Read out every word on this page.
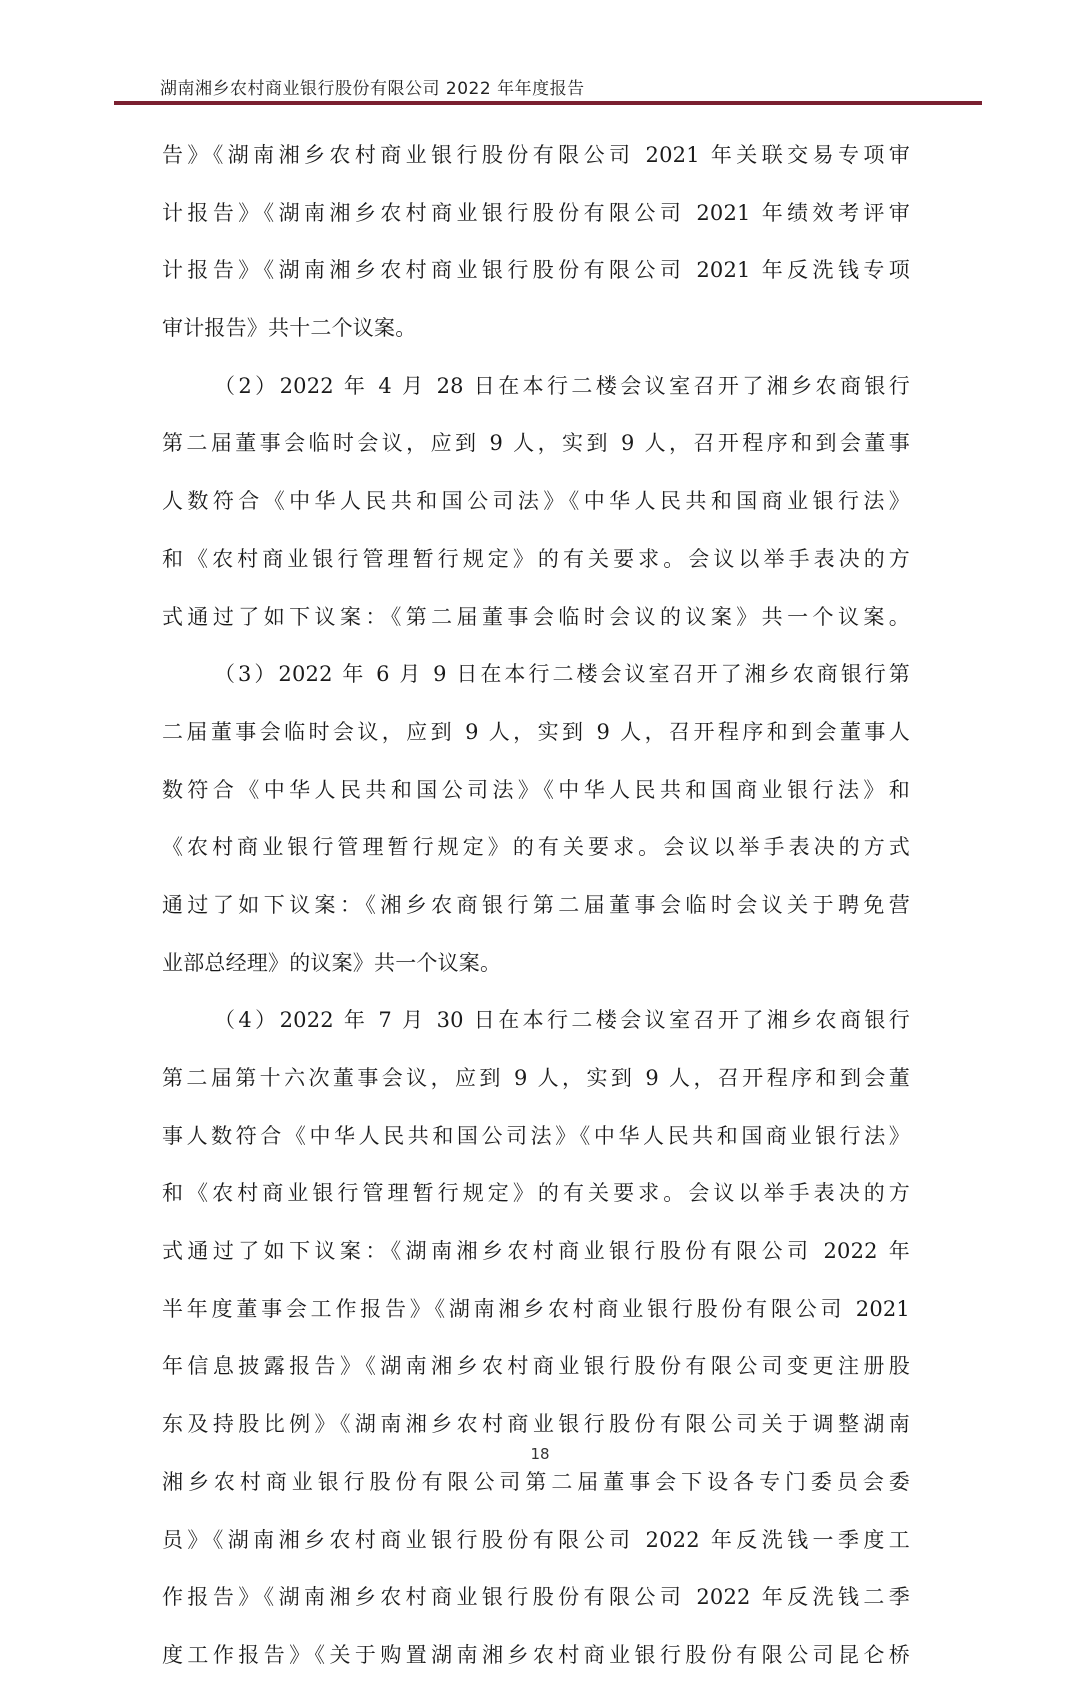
湖南湘乡农村商业银行股份有限公司 2022 年年度报告
告》《湖南湘乡农村商业银行股份有限公司 2021 年关联交易专项审
计报告》《湖南湘乡农村商业银行股份有限公司 2021 年绩效考评审
计报告》《湖南湘乡农村商业银行股份有限公司 2021 年反洗钱专项
审计报告》共十二个议案。
（2）2022 年 4 月 28 日在本行二楼会议室召开了湘乡农商银行
第二届董事会临时会议，应到 9 人，实到 9 人，召开程序和到会董事
人数符合《中华人民共和国公司法》《中华人民共和国商业银行法》
和《农村商业银行管理暂行规定》的有关要求。会议以举手表决的方
式通过了如下议案：《第二届董事会临时会议的议案》共一个议案。
（3）2022 年 6 月 9 日在本行二楼会议室召开了湘乡农商银行第
二届董事会临时会议，应到 9 人，实到 9 人，召开程序和到会董事人
数符合《中华人民共和国公司法》《中华人民共和国商业银行法》和
《农村商业银行管理暂行规定》的有关要求。会议以举手表决的方式
通过了如下议案：《湘乡农商银行第二届董事会临时会议关于聘免营
业部总经理》的议案》共一个议案。
（4）2022 年 7 月 30 日在本行二楼会议室召开了湘乡农商银行
第二届第十六次董事会议，应到 9 人，实到 9 人，召开程序和到会董
事人数符合《中华人民共和国公司法》《中华人民共和国商业银行法》
和《农村商业银行管理暂行规定》的有关要求。会议以举手表决的方
式通过了如下议案：《湖南湘乡农村商业银行股份有限公司 2022 年
半年度董事会工作报告》《湖南湘乡农村商业银行股份有限公司 2021
年信息披露报告》《湖南湘乡农村商业银行股份有限公司变更注册股
东及持股比例》《湖南湘乡农村商业银行股份有限公司关于调整湖南
湘乡农村商业银行股份有限公司第二届董事会下设各专门委员会委
员》《湖南湘乡农村商业银行股份有限公司 2022 年反洗钱一季度工
作报告》《湖南湘乡农村商业银行股份有限公司 2022 年反洗钱二季
度工作报告》《关于购置湖南湘乡农村商业银行股份有限公司昆仑桥
18
